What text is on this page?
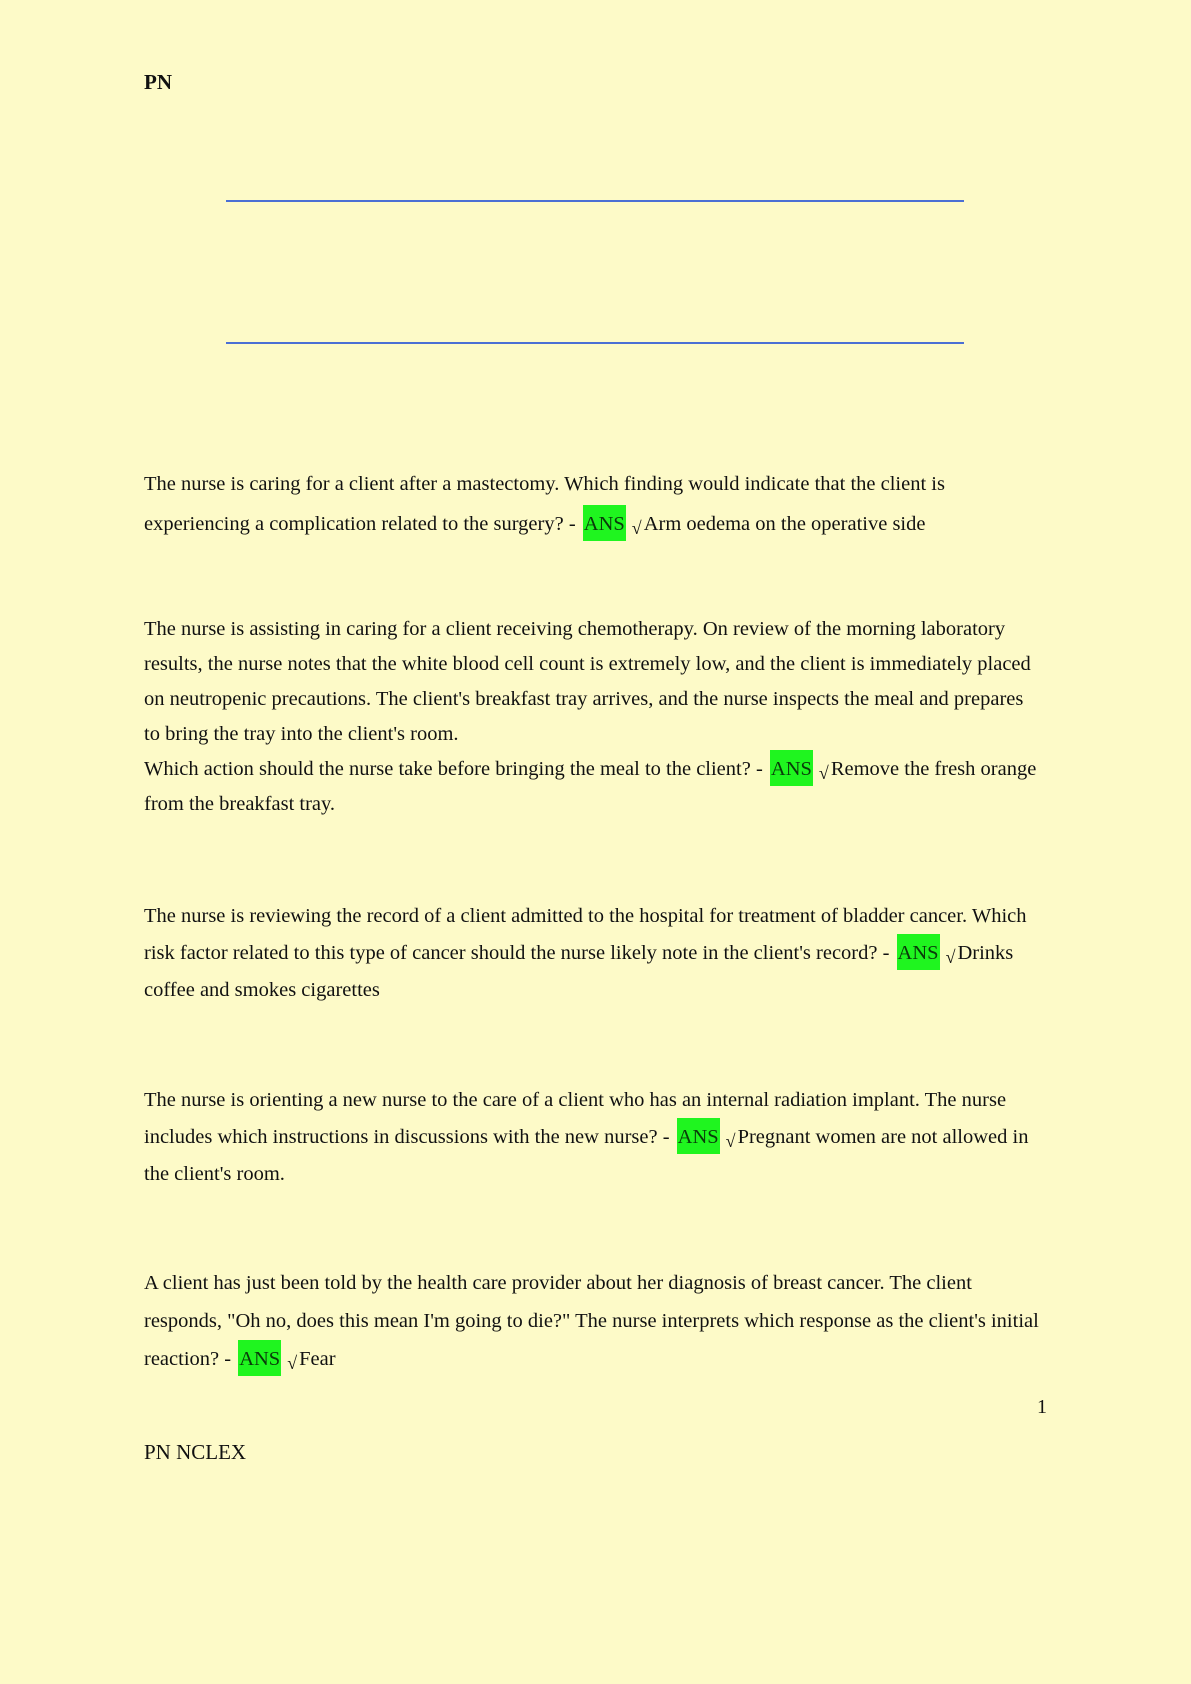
PN
The nurse is caring for a client after a mastectomy. Which finding would indicate that the client is experiencing a complication related to the surgery? - ANS √Arm oedema on the operative side
The nurse is assisting in caring for a client receiving chemotherapy. On review of the morning laboratory results, the nurse notes that the white blood cell count is extremely low, and the client is immediately placed on neutropenic precautions. The client's breakfast tray arrives, and the nurse inspects the meal and prepares to bring the tray into the client's room.
Which action should the nurse take before bringing the meal to the client? - ANS √Remove the fresh orange from the breakfast tray.
The nurse is reviewing the record of a client admitted to the hospital for treatment of bladder cancer. Which risk factor related to this type of cancer should the nurse likely note in the client's record? - ANS √Drinks coffee and smokes cigarettes
The nurse is orienting a new nurse to the care of a client who has an internal radiation implant. The nurse includes which instructions in discussions with the new nurse? - ANS √Pregnant women are not allowed in the client's room.
A client has just been told by the health care provider about her diagnosis of breast cancer. The client responds, "Oh no, does this mean I'm going to die?" The nurse interprets which response as the client's initial reaction? - ANS √Fear
1
PN NCLEX
